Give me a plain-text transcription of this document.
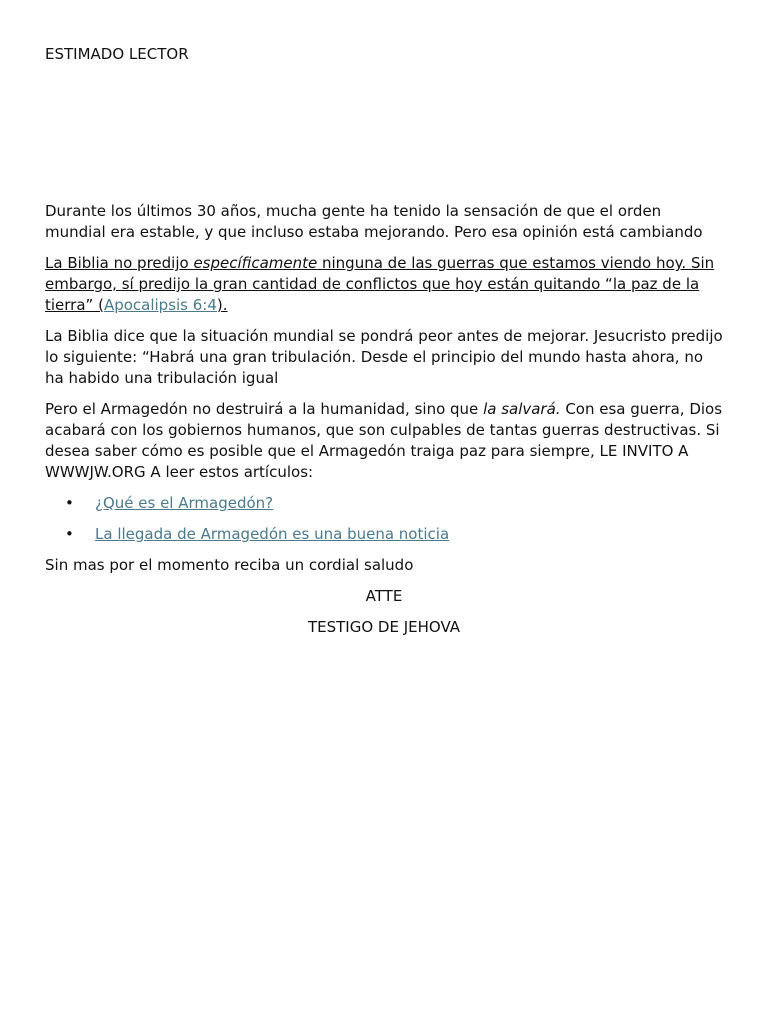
ESTIMADO LECTOR

Durante los últimos 30 años, mucha gente ha tenido la sensación de que el orden mundial era estable, y que incluso estaba mejorando. Pero esa opinión está cambiando

La Biblia no predijo específicamente ninguna de las guerras que estamos viendo hoy. Sin embargo, sí predijo la gran cantidad de conflictos que hoy están quitando “la paz de la tierra” (Apocalipsis 6:4).

La Biblia dice que la situación mundial se pondrá peor antes de mejorar. Jesucristo predijo lo siguiente: “Habrá una gran tribulación. Desde el principio del mundo hasta ahora, no ha habido una tribulación igual

Pero el Armagedón no destruirá a la humanidad, sino que la salvará. Con esa guerra, Dios acabará con los gobiernos humanos, que son culpables de tantas guerras destructivas. Si desea saber cómo es posible que el Armagedón traiga paz para siempre, LE INVITO A WWWJW.ORG A leer estos artículos:

• ¿Qué es el Armagedón?
• La llegada de Armagedón es una buena noticia

Sin mas por el momento reciba un cordial saludo

ATTE

TESTIGO DE JEHOVA
